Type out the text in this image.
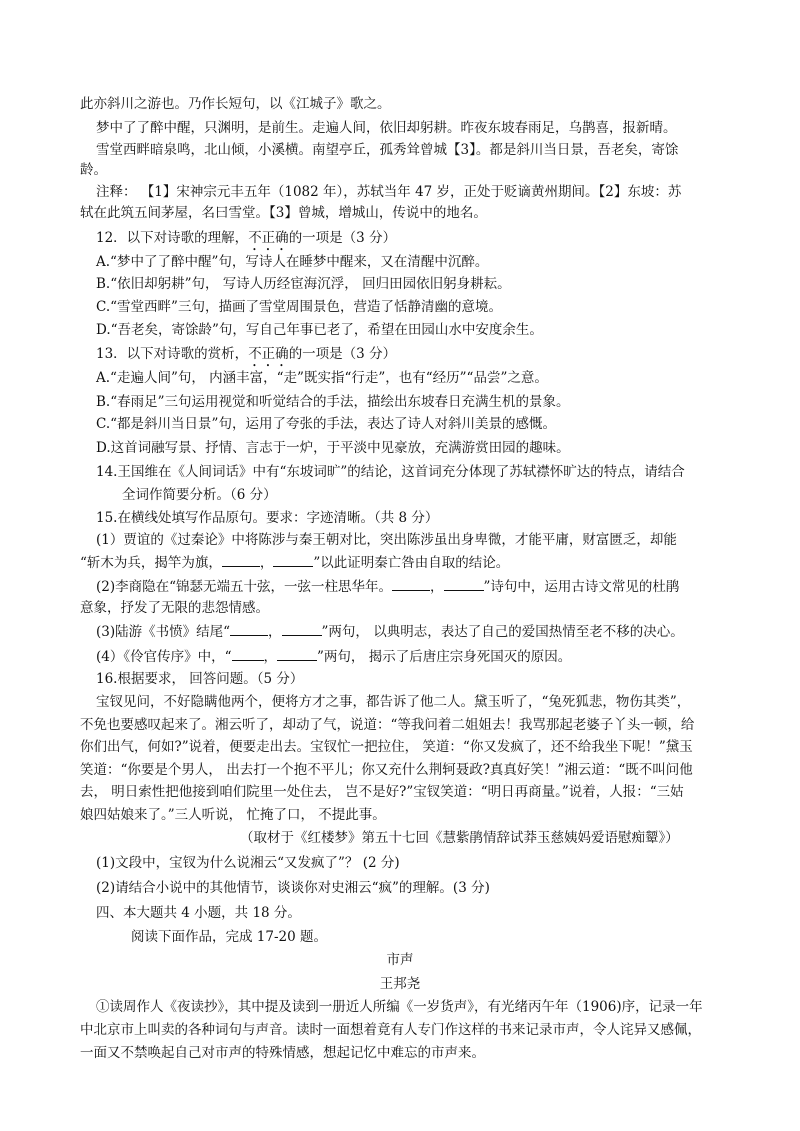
此亦斜川之游也。乃作长短句，以《江城子》歌之。
梦中了了醉中醒，只渊明，是前生。走遍人间，依旧却躬耕。昨夜东坡春雨足，乌鹊喜，报新晴。
雪堂西畔暗泉鸣，北山倾，小溪横。南望亭丘，孤秀耸曾城【3】。都是斜川当日景，吾老矣，寄馀
龄。
注释： 【1】宋神宗元丰五年（1082 年），苏轼当年 47 岁，正处于贬谪黄州期间。【2】东坡：苏
轼在此筑五间茅屋，名曰雪堂。【3】曾城，增城山，传说中的地名。
12．以下对诗歌的理解，不正确的一项是（3 分）
A.“梦中了了醉中醒”句，写诗人在睡梦中醒来，又在清醒中沉醉。
B.“依旧却躬耕”句， 写诗人历经宦海沉浮， 回归田园依旧躬身耕耘。
C.“雪堂西畔”三句，描画了雪堂周围景色，营造了恬静清幽的意境。
D.“吾老矣，寄馀龄”句，写自己年事已老了，希望在田园山水中安度余生。
13．以下对诗歌的赏析，不正确的一项是（3 分）
A.“走遍人间”句， 内涵丰富，“走”既实指“行走”，也有“经历”“品尝”之意。
B.“春雨足”三句运用视觉和听觉结合的手法，描绘出东坡春日充满生机的景象。
C.“都是斜川当日景”句，运用了夸张的手法，表达了诗人对斜川美景的感慨。
D.这首词融写景、抒情、言志于一炉，于平淡中见豪放，充满游赏田园的趣味。
14.王国维在《人间词话》中有“东坡词旷”的结论，这首词充分体现了苏轼襟怀旷达的特点，请结合
全词作简要分析。（6 分）
15.在横线处填写作品原句。要求：字迹清晰。（共 8 分）
(1）贾谊的《过秦论》中将陈涉与秦王朝对比，突出陈涉虽出身卑微，才能平庸，财富匮乏，却能
“斩木为兵，揭竿为旗，	，	”以此证明秦亡咎由自取的结论。
(2)李商隐在“锦瑟无端五十弦，一弦一柱思华年。	，	”诗句中，运用古诗文常见的杜鹃
意象，抒发了无限的悲怨情感。
(3)陆游《书愤》结尾“	，	”两句， 以典明志，表达了自己的爱国热情至老不移的决心。
(4）《伶官传序》中，“ ，	”两句， 揭示了后唐庄宗身死国灭的原因。
16.根据要求， 回答问题。（5 分）
宝钗见问，不好隐瞒他两个，便将方才之事，都告诉了他二人。黛玉听了，“兔死狐悲，物伤其类”，
不免也要感叹起来了。湘云听了，却动了气，说道：“等我问着二姐姐去！我骂那起老婆子丫头一顿，给
你们出气，何如?”说着，便要走出去。宝钗忙一把拉住， 笑道：“你又发疯了，还不给我坐下呢！”黛玉
笑道：“你要是个男人， 出去打一个抱不平儿；你又充什么荆轲聂政?真真好笑！”湘云道：“既不叫问他
去， 明日索性把他接到咱们院里一处住去， 岂不是好?”宝钗笑道：“明日再商量。”说着，人报：“三姑
娘四姑娘来了。”三人听说， 忙掩了口， 不提此事。
（取材于《红楼梦》第五十七回《慧紫鹃情辞试莽玉慈姨妈爱语慰痴颦》）
(1)文段中，宝钗为什么说湘云“又发疯了”？ (2 分)
(2)请结合小说中的其他情节，谈谈你对史湘云“疯”的理解。(3 分)
四、本大题共 4 小题，共 18 分。
阅读下面作品，完成 17-20 题。
市声
王邦尧
①读周作人《夜读抄》，其中提及读到一册近人所编《一岁货声》，有光绪丙午年（1906)序，记录一年
中北京市上叫卖的各种词句与声音。读时一面想着竟有人专门作这样的书来记录市声，令人诧异又感佩，
一面又不禁唤起自己对市声的特殊情感，想起记忆中难忘的市声来。
